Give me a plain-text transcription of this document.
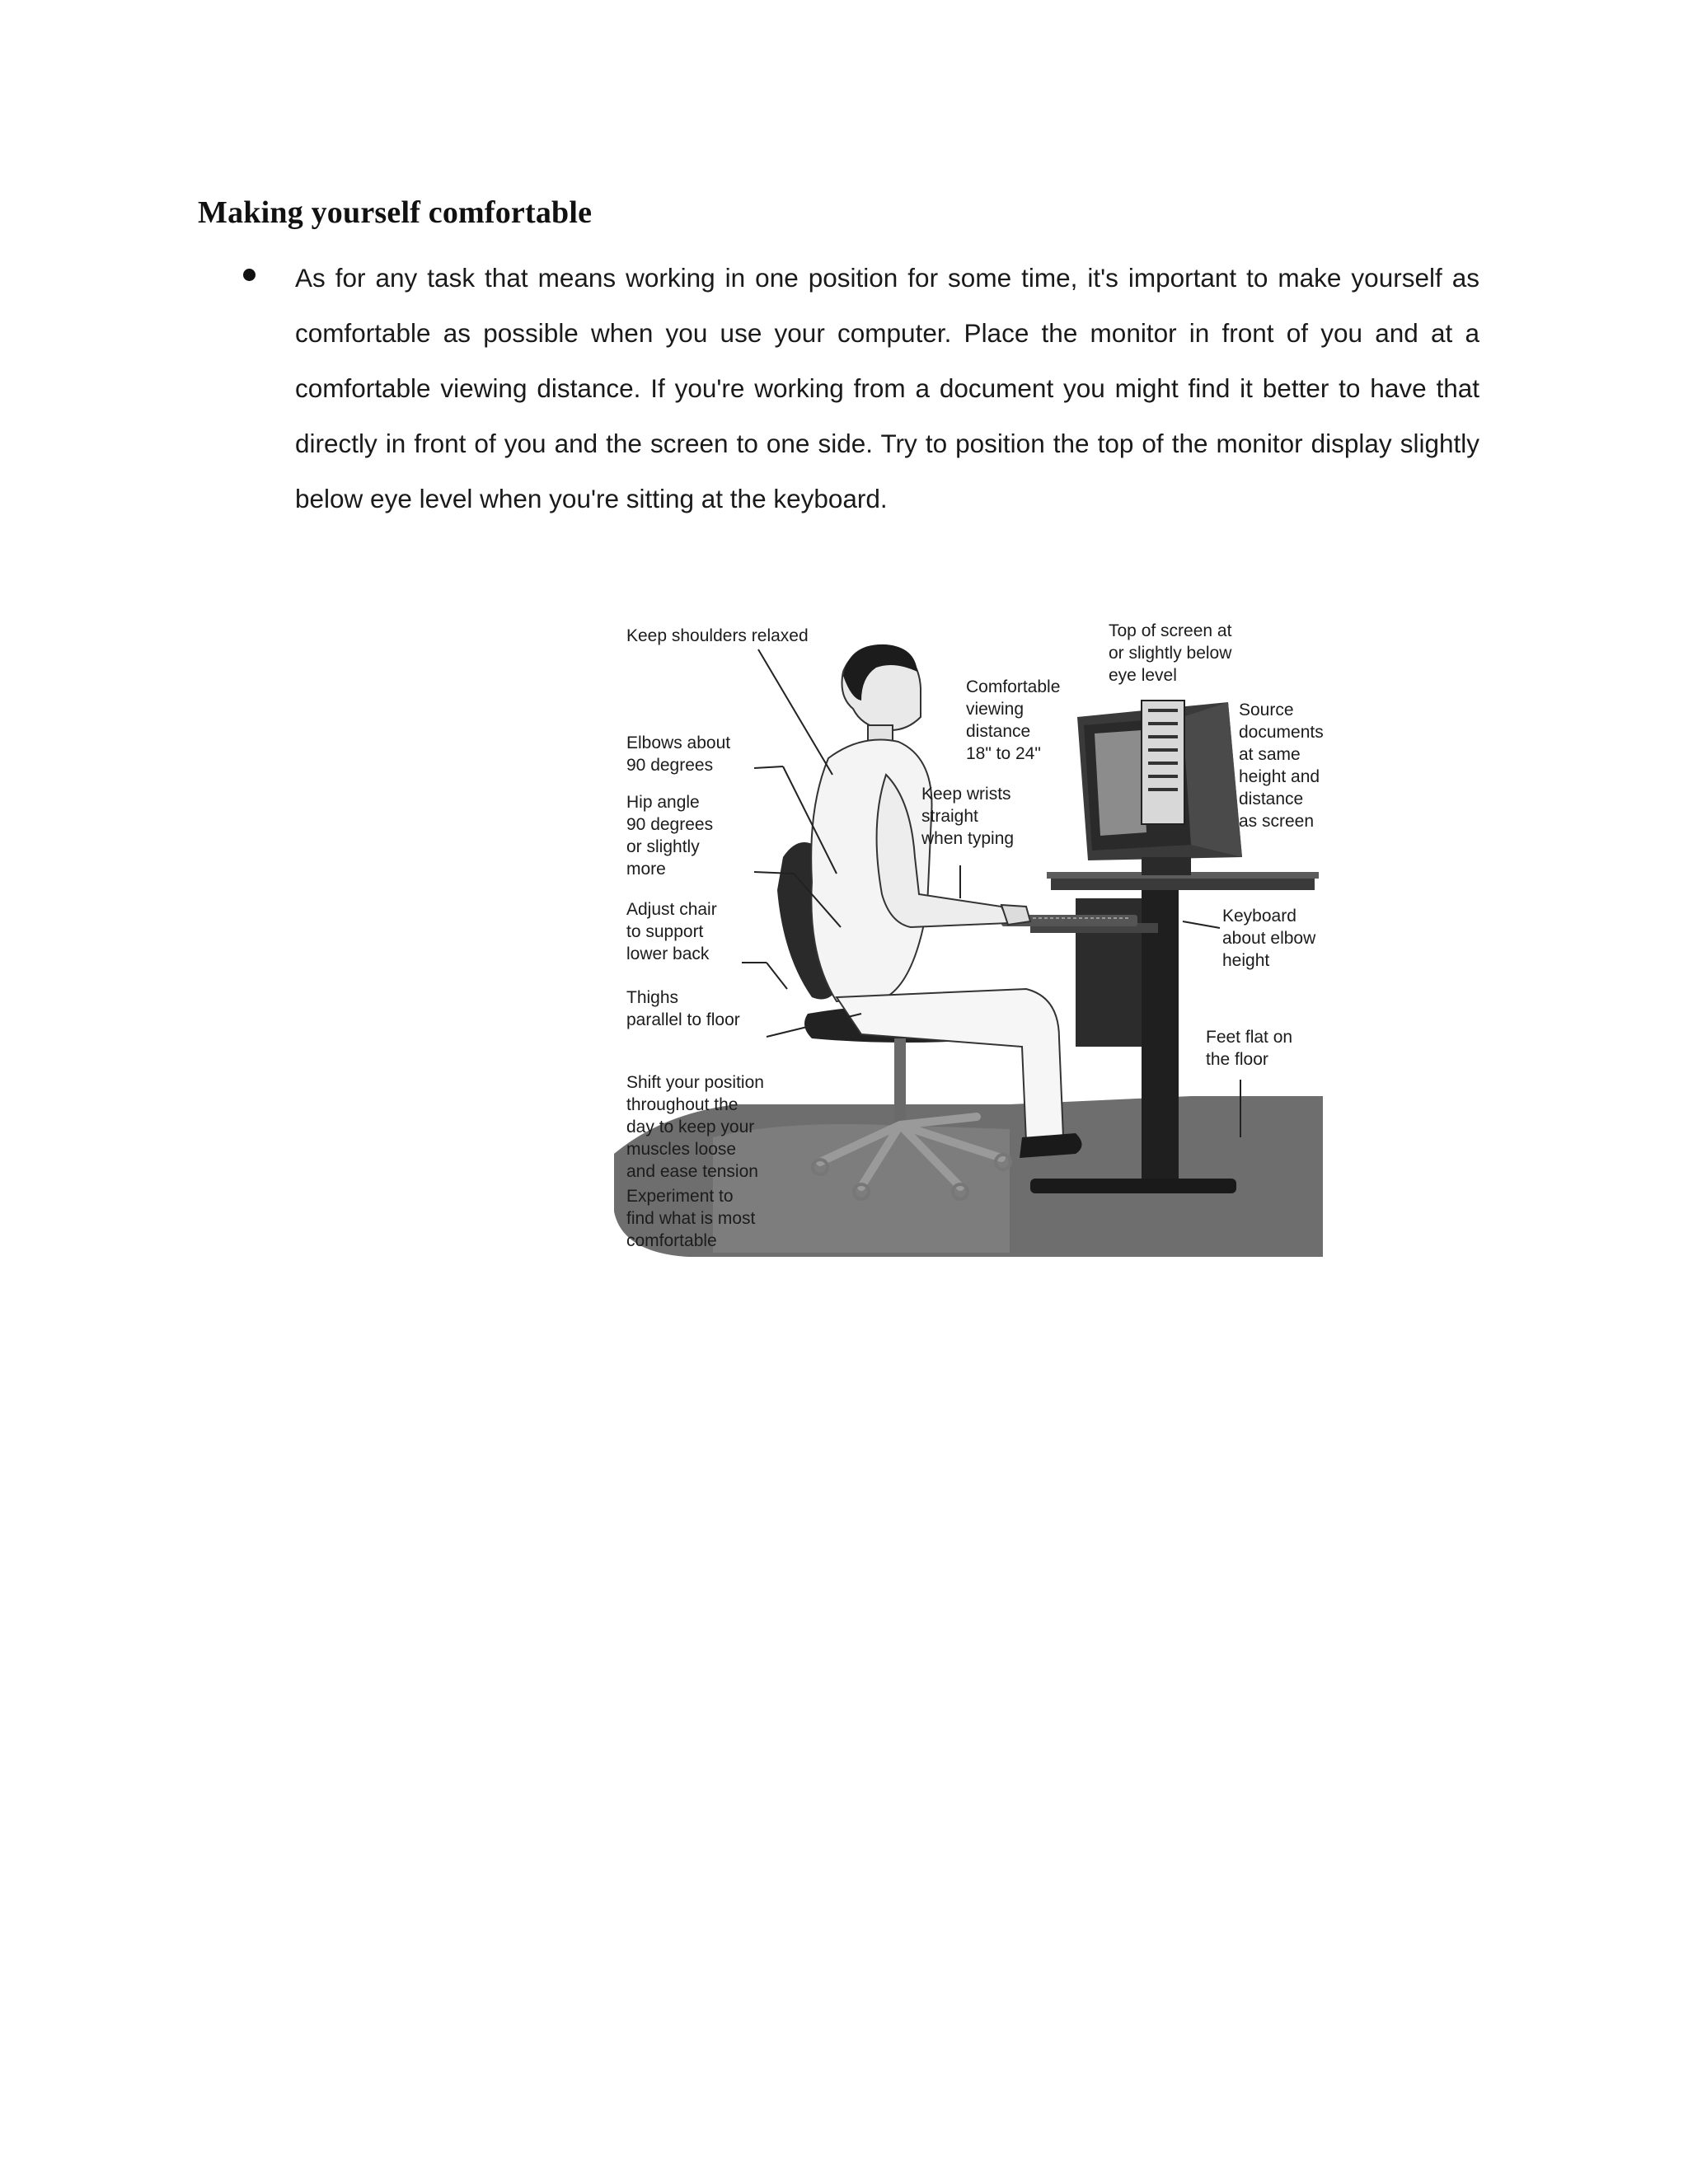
Making yourself comfortable

As for any task that means working in one position for some time, it's important to make yourself as comfortable as possible when you use your computer. Place the monitor in front of you and at a comfortable viewing distance. If you're working from a document you might find it better to have that directly in front of you and the screen to one side. Try to position the top of the monitor display slightly below eye level when you're sitting at the keyboard.

Keep shoulders relaxed	Top of screen at or slightly below eye level
Comfortable viewing distance 18" to 24"
Source documents at same height and distance as screen
Elbows about 90 degrees
Keep wrists straight when typing
Hip angle 90 degrees or slightly more
Adjust chair to support lower back
Keyboard about elbow height
Thighs parallel to floor
Feet flat on the floor
Shift your position throughout the day to keep your muscles loose and ease tension
Experiment to find what is most comfortable
